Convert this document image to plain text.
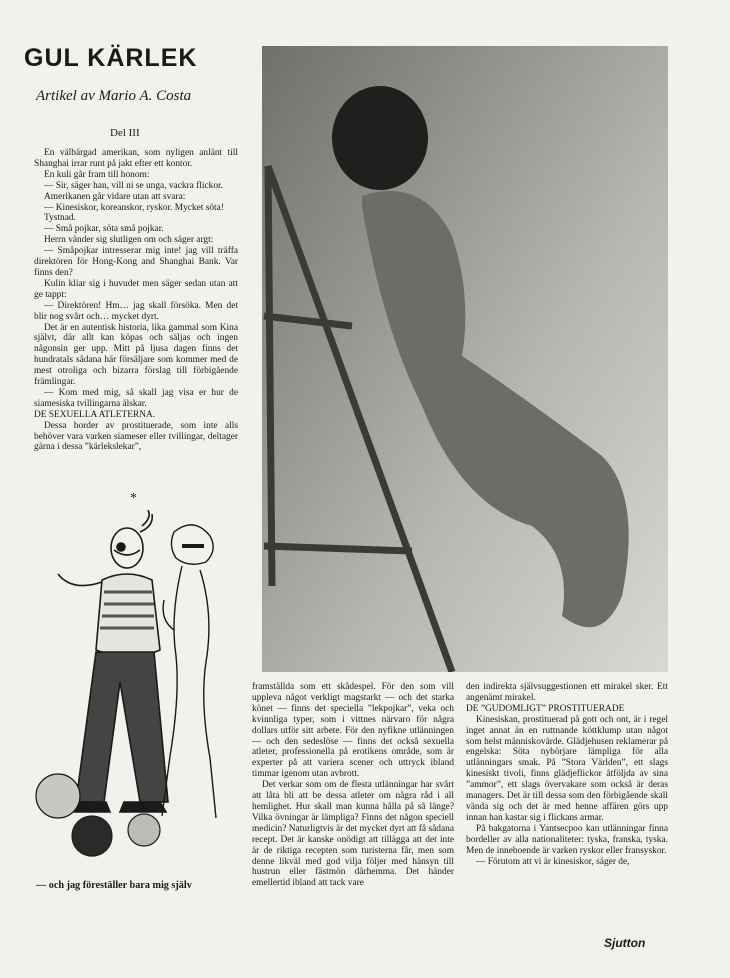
GUL KÄRLEK
Artikel av Mario A. Costa
Del III

En välbärgad amerikan, som nyligen anlänt till Shanghai irrar runt på jakt efter ett kontor.

En kuli går fram till honom:

— Sir, säger han, vill ni se unga, vackra flickor.

Amerikanen går vidare utan att svara:

— Kinesiskor, koreanskor, ryskor. Mycket söta!

Tystnad.

— Små pojkar, söta små pojkar.

Herrn vänder sig slutligen om och säger argt:

— Småpojkar intresserar mig inte! jag vill träffa direktören för Hong-Kong and Shanghai Bank. Var finns den?

Kulin kliar sig i huvudet men säger sedan utan att ge tappt:

— Direktören! Hm… jag skall försöka. Men det blir nog svårt och… mycket dyrt.

Det är en autentisk historia, lika gammal som Kina självt, där allt kan köpas och säljas och ingen någonsin ger upp. Mitt på ljusa dagen finns det hundratals sådana här försäljare som kommer med de mest otroliga och bizarra förslag till förbigående främlingar.

— Kom med mig, så skall jag visa er hur de siamesiska tvillingarna älskar.

DE SEXUELLA ATLETERNA.

Dessa horder av prostituerade, som inte alls behöver vara varken siameser eller tvillingar, deltager gärna i dessa ”kärlekslekar”,

*
— och jag föreställer bara mig själv

framställda som ett skådespel. För den som vill uppleva något verkligt magstarkt — och det starka könet — finns det speciella ”lekpojkar”, veka och kvinnliga typer, som i vittnes närvaro för några dollars utför sitt arbete. För den nyfikne utlänningen — och den sedeslöse — finns det också sexuella atleter, professionella på erotikens område, som är experter på att variera scener och uttryck ibland timmar igenom utan avbrott.

Det verkar som om de flesta utlänningar har svårt att låta bli att be dessa atleter om några råd i all hemlighet. Hur skall man kunna hålla på så länge? Vilka övningar är lämpliga? Finns det någon speciell medicin? Naturligtvis är det mycket dyrt att få sådana recept. Det är kanske onödigt att tillägga att det inte är de riktiga recepten som turisterna får, men som denne likväl med god vilja följer med hänsyn till hustrun eller fästmön därhemma. Det händer emellertid ibland att tack vare

den indirekta självsuggestionen ett mirakel sker. Ett angenämt mirakel.

DE ”GUDOMLIGT” PROSTITUERADE

Kinesiskan, prostituerad på gott och ont, är i regel inget annat än en ruttnande köttklump utan något som helst människovärde. Glädjehusen reklamerar på engelska: Söta nybörjare lämpliga för alla utlänningars smak. På ”Stora Världen”, ett slags kinesiskt tivoli, finns glädjeflickor åtföljda av sina ”ammor”, ett slags övervakare som också är deras managers. Det är till dessa som den förbigående skall vända sig och det är med henne affären görs upp innan han kastar sig i flickans armar.

På bakgatorna i Yantsecpoo kan utlänningar finna bordeller av alla nationaliteter: tyska, franska, tyska. Men de inneboende är varken ryskor eller fransyskor.

— Förutom att vi är kinesiskor, säger de,

Sjutton
